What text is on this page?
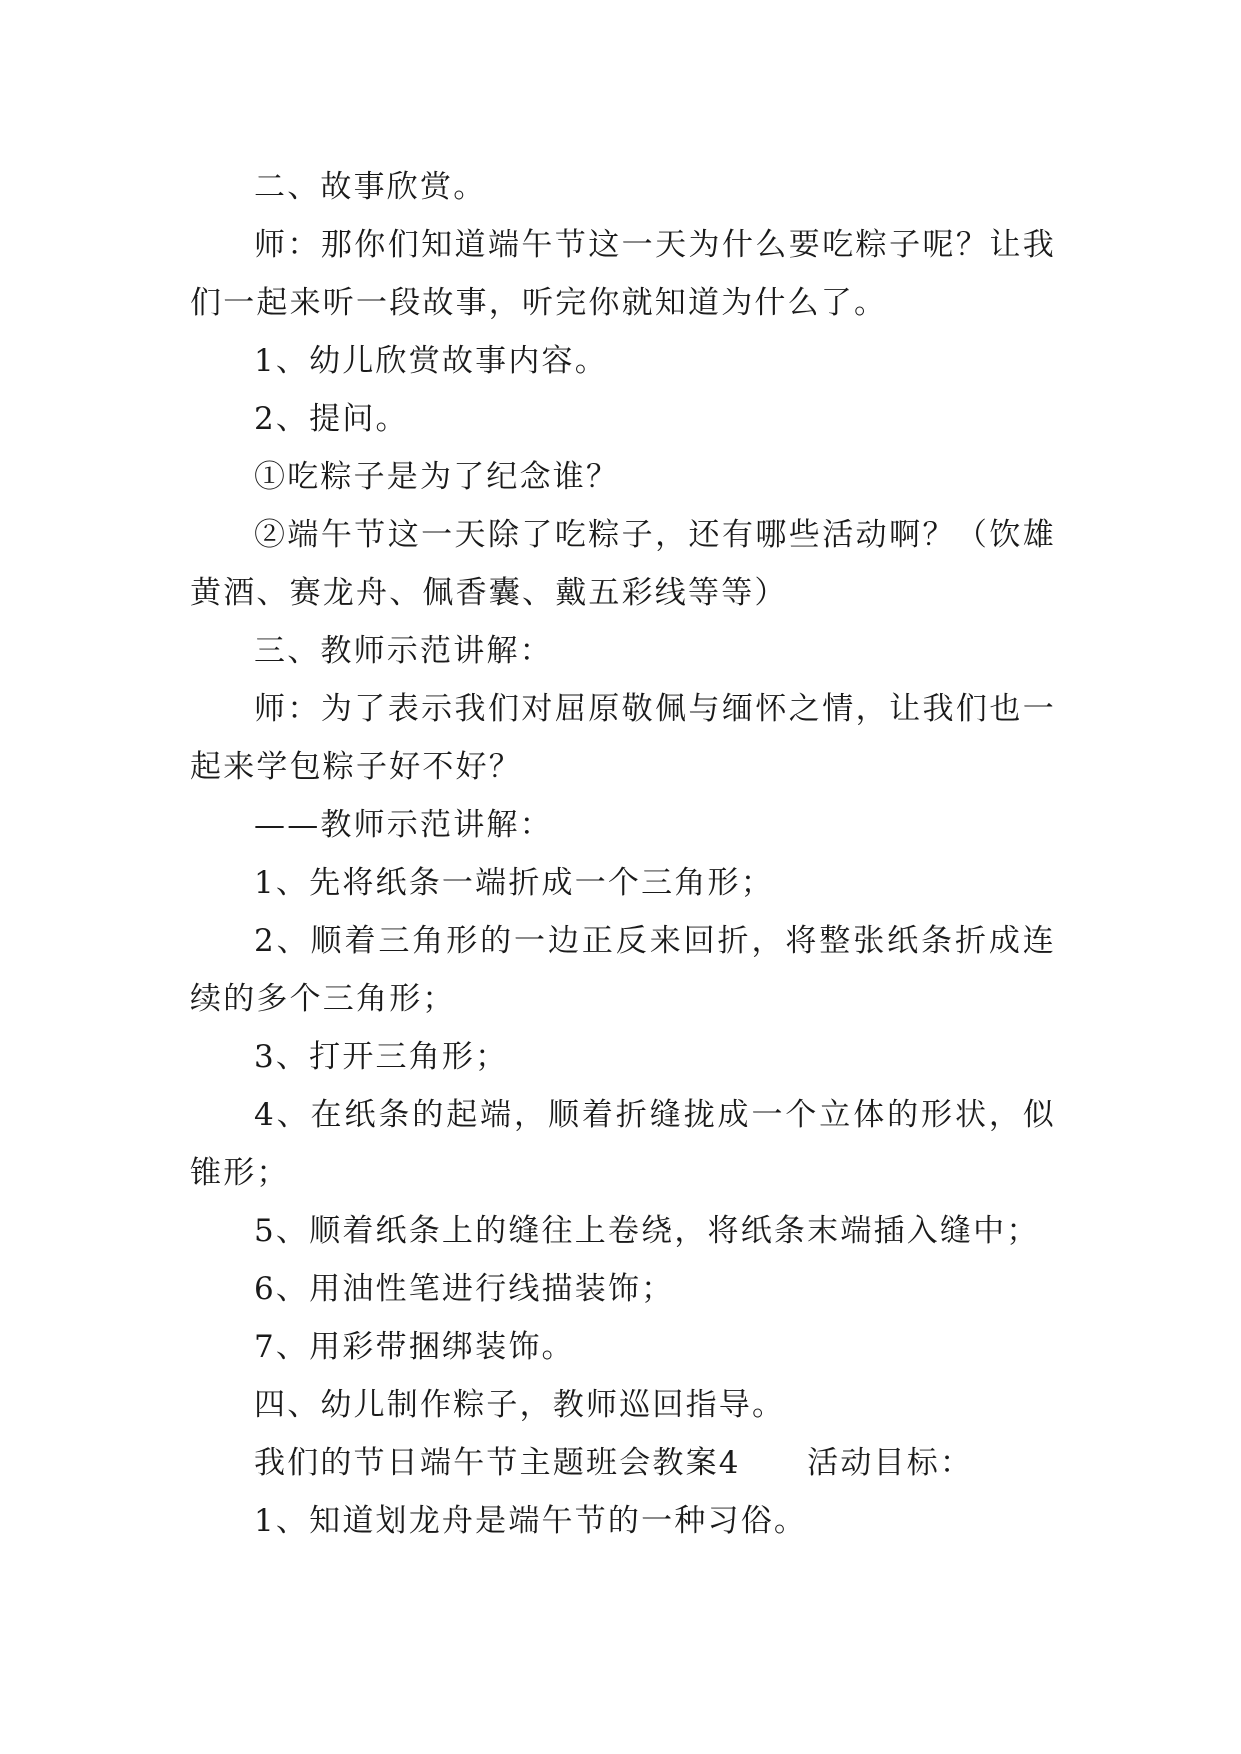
二、故事欣赏。

师：那你们知道端午节这一天为什么要吃粽子呢？让我们一起来听一段故事，听完你就知道为什么了。

1、幼儿欣赏故事内容。

2、提问。

①吃粽子是为了纪念谁？

②端午节这一天除了吃粽子，还有哪些活动啊？（饮雄黄酒、赛龙舟、佩香囊、戴五彩线等等）

三、教师示范讲解：

师：为了表示我们对屈原敬佩与缅怀之情，让我们也一起来学包粽子好不好？

——教师示范讲解：

1、先将纸条一端折成一个三角形；

2、顺着三角形的一边正反来回折，将整张纸条折成连续的多个三角形；

3、打开三角形；

4、在纸条的起端，顺着折缝拢成一个立体的形状，似锥形；

5、顺着纸条上的缝往上卷绕，将纸条末端插入缝中；

6、用油性笔进行线描装饰；

7、用彩带捆绑装饰。

四、幼儿制作粽子，教师巡回指导。

我们的节日端午节主题班会教案4　　活动目标：

1、知道划龙舟是端午节的一种习俗。
